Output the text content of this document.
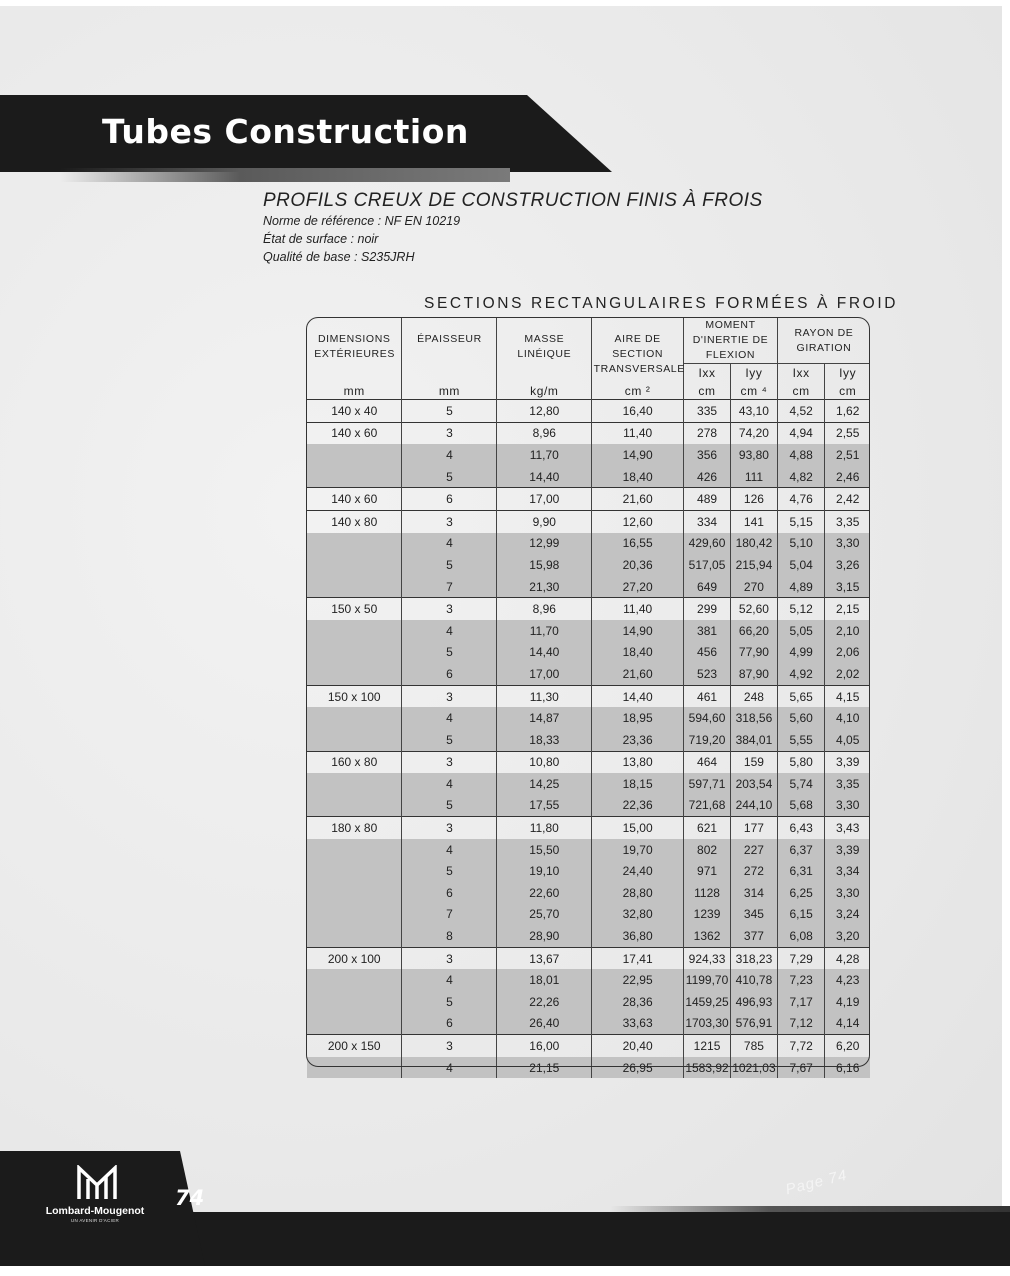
Tubes Construction
PROFILS CREUX DE CONSTRUCTION FINIS À FROIS
Norme de référence : NF EN 10219
État de surface : noir
Qualité de base : S235JRH
SECTIONS RECTANGULAIRES FORMÉES À FROID
DIMENSIONS EXTÉRIEURES	ÉPAISSEUR	MASSE LINÉIQUE	AIRE DE SECTION TRANSVERSALE	MOMENT D'INERTIE DE FLEXION		RAYON DE GIRATION	
				Ixx	Iyy	Ixx	Iyy
mm	mm	kg/m	cm ²	cm	cm ⁴	cm	cm
140 x 40	5	12,80	16,40	335	43,10	4,52	1,62
140 x 60	3	8,96	11,40	278	74,20	4,94	2,55
	4	11,70	14,90	356	93,80	4,88	2,51
	5	14,40	18,40	426	111	4,82	2,46
140 x 60	6	17,00	21,60	489	126	4,76	2,42
140 x 80	3	9,90	12,60	334	141	5,15	3,35
	4	12,99	16,55	429,60	180,42	5,10	3,30
	5	15,98	20,36	517,05	215,94	5,04	3,26
	7	21,30	27,20	649	270	4,89	3,15
150 x 50	3	8,96	11,40	299	52,60	5,12	2,15
	4	11,70	14,90	381	66,20	5,05	2,10
	5	14,40	18,40	456	77,90	4,99	2,06
	6	17,00	21,60	523	87,90	4,92	2,02
150 x 100	3	11,30	14,40	461	248	5,65	4,15
	4	14,87	18,95	594,60	318,56	5,60	4,10
	5	18,33	23,36	719,20	384,01	5,55	4,05
160 x 80	3	10,80	13,80	464	159	5,80	3,39
	4	14,25	18,15	597,71	203,54	5,74	3,35
	5	17,55	22,36	721,68	244,10	5,68	3,30
180 x 80	3	11,80	15,00	621	177	6,43	3,43
	4	15,50	19,70	802	227	6,37	3,39
	5	19,10	24,40	971	272	6,31	3,34
	6	22,60	28,80	1128	314	6,25	3,30
	7	25,70	32,80	1239	345	6,15	3,24
	8	28,90	36,80	1362	377	6,08	3,20
200 x 100	3	13,67	17,41	924,33	318,23	7,29	4,28
	4	18,01	22,95	1199,70	410,78	7,23	4,23
	5	22,26	28,36	1459,25	496,93	7,17	4,19
	6	26,40	33,63	1703,30	576,91	7,12	4,14
200 x 150	3	16,00	20,40	1215	785	7,72	6,20
	4	21,15	26,95	1583,92	1021,03	7,67	6,16
Lombard-Mougenot
UN AVENIR D'ACIER
74	Page 74
